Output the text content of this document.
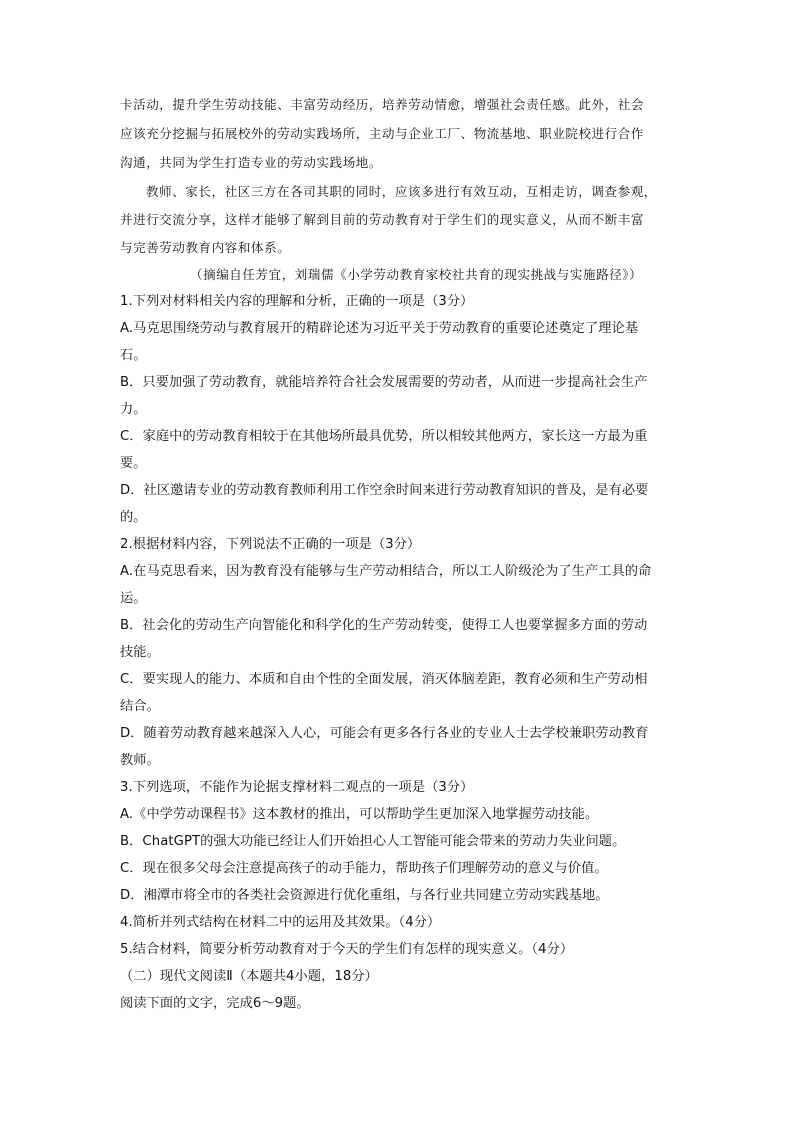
卡活动，提升学生劳动技能、丰富劳动经历，培养劳动情愈，增强社会责任感。此外，社会
应该充分挖掘与拓展校外的劳动实践场所，主动与企业工厂、物流基地、职业院校进行合作
沟通，共同为学生打造专业的劳动实践场地。
教师、家长，社区三方在各司其职的同时，应该多进行有效互动，互相走访，调查参观，
并进行交流分享，这样才能够了解到目前的劳动教育对于学生们的现实意义，从而不断丰富
与完善劳动教育内容和体系。
（摘编自任芳宜，刘瑞儒《小学劳动教育家校社共育的现实挑战与实施路径》）
1.下列对材料相关内容的理解和分析，正确的一项是（3分）
A.马克思围绕劳动与教育展开的精辟论述为习近平关于劳动教育的重要论述奠定了理论基
石。
B．只要加强了劳动教育，就能培养符合社会发展需要的劳动者，从而进一步提高社会生产
力。
C．家庭中的劳动教育相较于在其他场所最具优势，所以相较其他两方，家长这一方最为重
要。
D．社区邀请专业的劳动教育教师利用工作空余时间来进行劳动教育知识的普及，是有必要
的。
2.根据材料内容，下列说法不正确的一项是（3分）
A.在马克思看来，因为教育没有能够与生产劳动相结合，所以工人阶级沦为了生产工具的命
运。
B．社会化的劳动生产向智能化和科学化的生产劳动转变，使得工人也要掌握多方面的劳动
技能。
C．要实现人的能力、本质和自由个性的全面发展，消灭体脑差距，教育必须和生产劳动相
结合。
D．随着劳动教育越来越深入人心，可能会有更多各行各业的专业人士去学校兼职劳动教育
教师。
3.下列选项，不能作为论据支撑材料二观点的一项是（3分）
A.《中学劳动课程书》这本教材的推出，可以帮助学生更加深入地掌握劳动技能。
B．ChatGPT的强大功能已经让人们开始担心人工智能可能会带来的劳动力失业问题。
C．现在很多父母会注意提高孩子的动手能力，帮助孩子们理解劳动的意义与价值。
D．湘潭市将全市的各类社会资源进行优化重组，与各行业共同建立劳动实践基地。
4.简析并列式结构在材料二中的运用及其效果。（4分）
5.结合材料，简要分析劳动教育对于今天的学生们有怎样的现实意义。（4分）
（二）现代文阅读Ⅱ（本题共4小题，18分）
阅读下面的文字，完成6～9题。
